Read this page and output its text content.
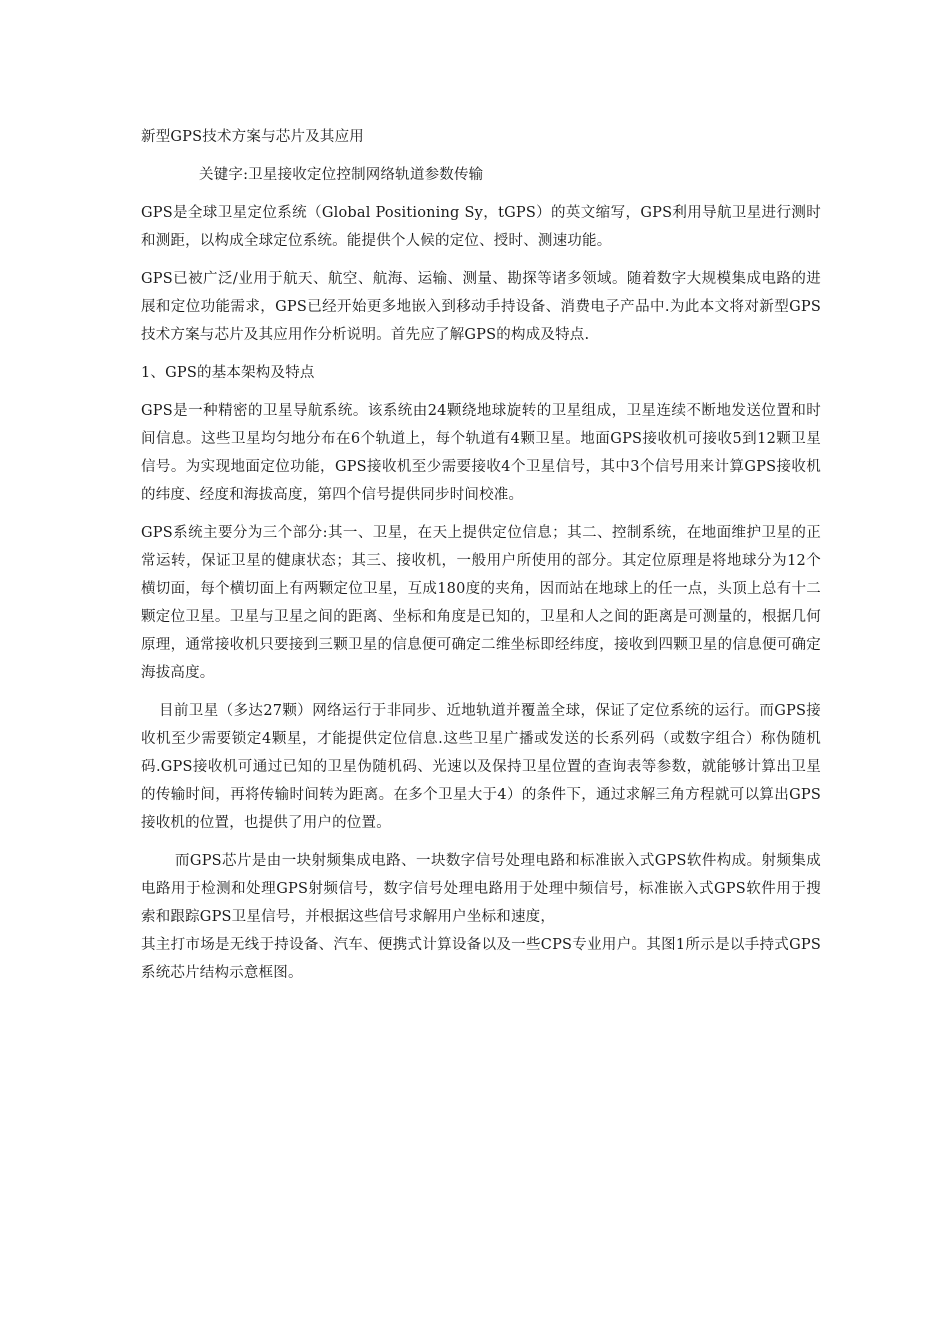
新型GPS技术方案与芯片及其应用

关键字:卫星接收定位控制网络轨道参数传输

GPS是全球卫星定位系统（Global Positioning Sy，tGPS）的英文缩写，GPS利用导航卫星进行测时和测距，以构成全球定位系统。能提供个人候的定位、授时、测速功能。

GPS已被广泛/业用于航天、航空、航海、运输、测量、勘探等诸多领域。随着数字大规模集成电路的进展和定位功能需求，GPS已经开始更多地嵌入到移动手持设备、消费电子产品中.为此本文将对新型GPS技术方案与芯片及其应用作分析说明。首先应了解GPS的构成及特点.

1、GPS的基本架构及特点

GPS是一种精密的卫星导航系统。该系统由24颗绕地球旋转的卫星组成，卫星连续不断地发送位置和时间信息。这些卫星均匀地分布在6个轨道上，每个轨道有4颗卫星。地面GPS接收机可接收5到12颗卫星信号。为实现地面定位功能，GPS接收机至少需要接收4个卫星信号，其中3个信号用来计算GPS接收机的纬度、经度和海拔高度，第四个信号提供同步时间校准。

GPS系统主要分为三个部分:其一、卫星，在天上提供定位信息；其二、控制系统，在地面维护卫星的正常运转，保证卫星的健康状态；其三、接收机，一般用户所使用的部分。其定位原理是将地球分为12个横切面，每个横切面上有两颗定位卫星，互成180度的夹角，因而站在地球上的任一点，头顶上总有十二颗定位卫星。卫星与卫星之间的距离、坐标和角度是已知的，卫星和人之间的距离是可测量的，根据几何原理，通常接收机只要接到三颗卫星的信息便可确定二维坐标即经纬度，接收到四颗卫星的信息便可确定海拔高度。

目前卫星（多达27颗）网络运行于非同步、近地轨道并覆盖全球，保证了定位系统的运行。而GPS接收机至少需要锁定4颗星，才能提供定位信息.这些卫星广播或发送的长系列码（或数字组合）称伪随机码.GPS接收机可通过已知的卫星伪随机码、光速以及保持卫星位置的查询表等参数，就能够计算出卫星的传输时间，再将传输时间转为距离。在多个卫星大于4）的条件下，通过求解三角方程就可以算出GPS接收机的位置，也提供了用户的位置。

而GPS芯片是由一块射频集成电路、一块数字信号处理电路和标准嵌入式GPS软件构成。射频集成电路用于检测和处理GPS射频信号，数字信号处理电路用于处理中频信号，标准嵌入式GPS软件用于搜索和跟踪GPS卫星信号，并根据这些信号求解用户坐标和速度，

其主打市场是无线于持设备、汽车、便携式计算设备以及一些CPS专业用户。其图1所示是以手持式GPS系统芯片结构示意框图。
